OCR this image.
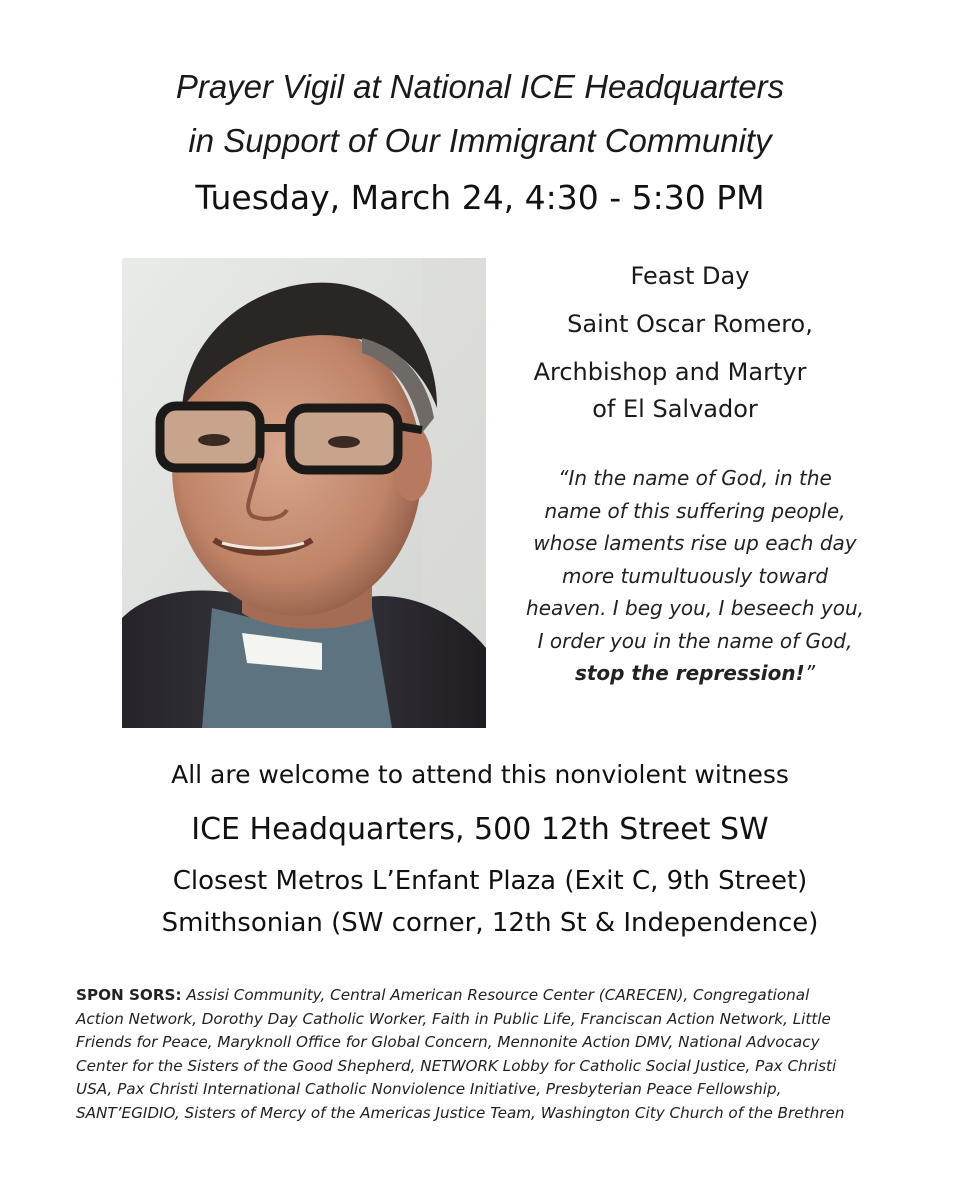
Prayer Vigil at National ICE Headquarters
in Support of Our Immigrant Community
Tuesday, March 24, 4:30 - 5:30 PM
Feast Day
Saint Oscar Romero,
Archbishop and Martyr
of El Salvador
“In the name of God, in the
name of this suffering people,
whose laments rise up each day
more tumultuously toward
heaven. I beg you, I beseech you,
I order you in the name of God,
stop the repression!”
All are welcome to attend this nonviolent witness
ICE Headquarters, 500 12th Street SW
Closest Metros L’Enfant Plaza (Exit C, 9th Street)
Smithsonian (SW corner, 12th St & Independence)
SPON SORS: Assisi Community, Central American Resource Center (CARECEN), Congregational Action Network, Dorothy Day Catholic Worker, Faith in Public Life, Franciscan Action Network, Little Friends for Peace, Maryknoll Office for Global Concern, Mennonite Action DMV, National Advocacy Center for the Sisters of the Good Shepherd, NETWORK Lobby for Catholic Social Justice, Pax Christi USA, Pax Christi International Catholic Nonviolence Initiative, Presbyterian Peace Fellowship, SANT’EGIDIO, Sisters of Mercy of the Americas Justice Team, Washington City Church of the Brethren
